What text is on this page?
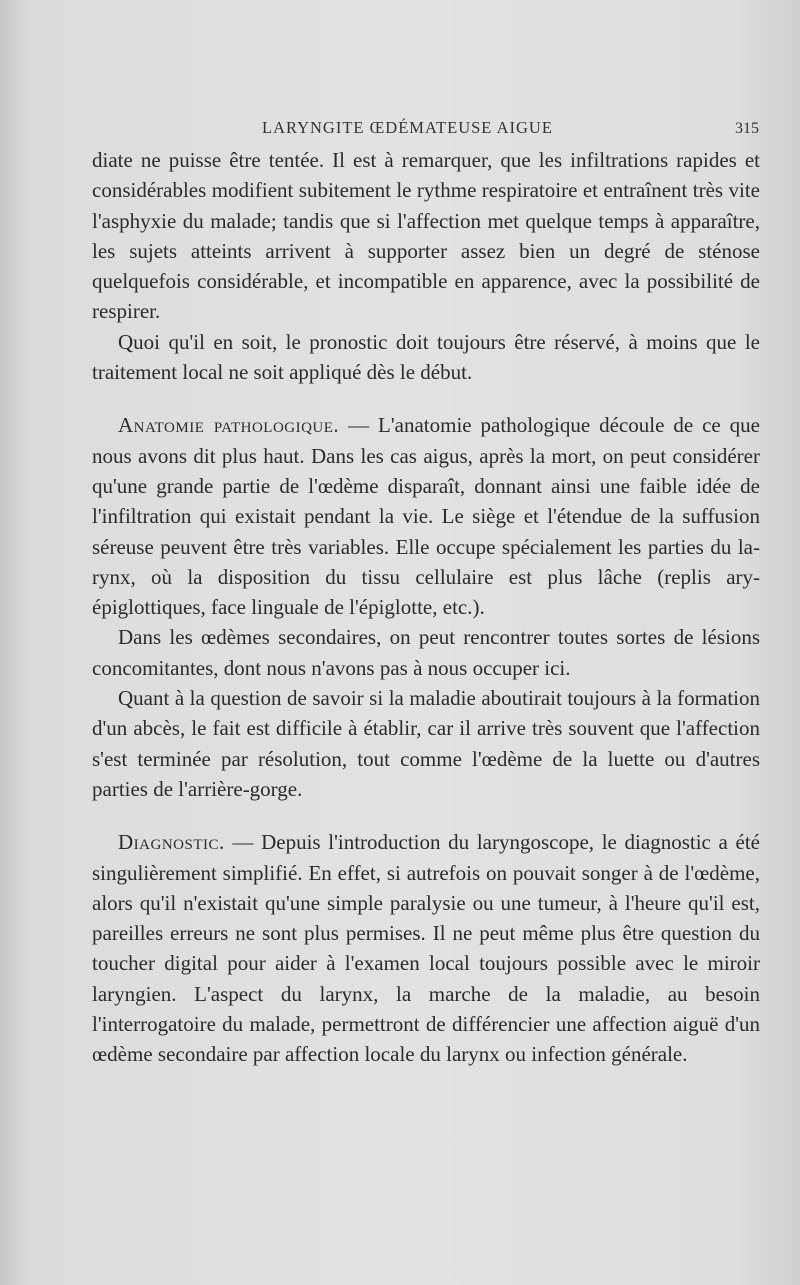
LARYNGITE ŒDÉMATEUSE AIGUE	315

diate ne puisse être tentée. Il est à remarquer, que les infiltrations rapides et considérables modifient subitement le rythme respiratoire et entraînent très vite l'asphyxie du malade; tandis que si l'affection met quelque temps à apparaître, les sujets atteints arrivent à supporter assez bien un degré de sténose quelquefois considérable, et incompatible en apparence, avec la possibilité de respirer.

Quoi qu'il en soit, le pronostic doit toujours être réservé, à moins que le traitement local ne soit appliqué dès le début.

Anatomie pathologique. — L'anatomie pathologique découle de ce que nous avons dit plus haut. Dans les cas aigus, après la mort, on peut considérer qu'une grande partie de l'œdème disparaît, donnant ainsi une faible idée de l'infiltration qui existait pendant la vie. Le siège et l'étendue de la suffusion séreuse peuvent être très variables. Elle occupe spécialement les parties du larynx, où la disposition du tissu cellulaire est plus lâche (replis ary-épiglottiques, face linguale de l'épiglotte, etc.).

Dans les œdèmes secondaires, on peut rencontrer toutes sortes de lésions concomitantes, dont nous n'avons pas à nous occuper ici.

Quant à la question de savoir si la maladie aboutirait toujours à la formation d'un abcès, le fait est difficile à établir, car il arrive très souvent que l'affection s'est terminée par résolution, tout comme l'œdème de la luette ou d'autres parties de l'arrière-gorge.

Diagnostic. — Depuis l'introduction du laryngoscope, le diagnostic a été singulièrement simplifié. En effet, si autrefois on pouvait songer à de l'œdème, alors qu'il n'existait qu'une simple paralysie ou une tumeur, à l'heure qu'il est, pareilles erreurs ne sont plus permises. Il ne peut même plus être question du toucher digital pour aider à l'examen local toujours possible avec le miroir laryngien. L'aspect du larynx, la marche de la maladie, au besoin l'interrogatoire du malade, permettront de différencier une affection aiguë d'un œdème secondaire par affection locale du larynx ou infection générale.
